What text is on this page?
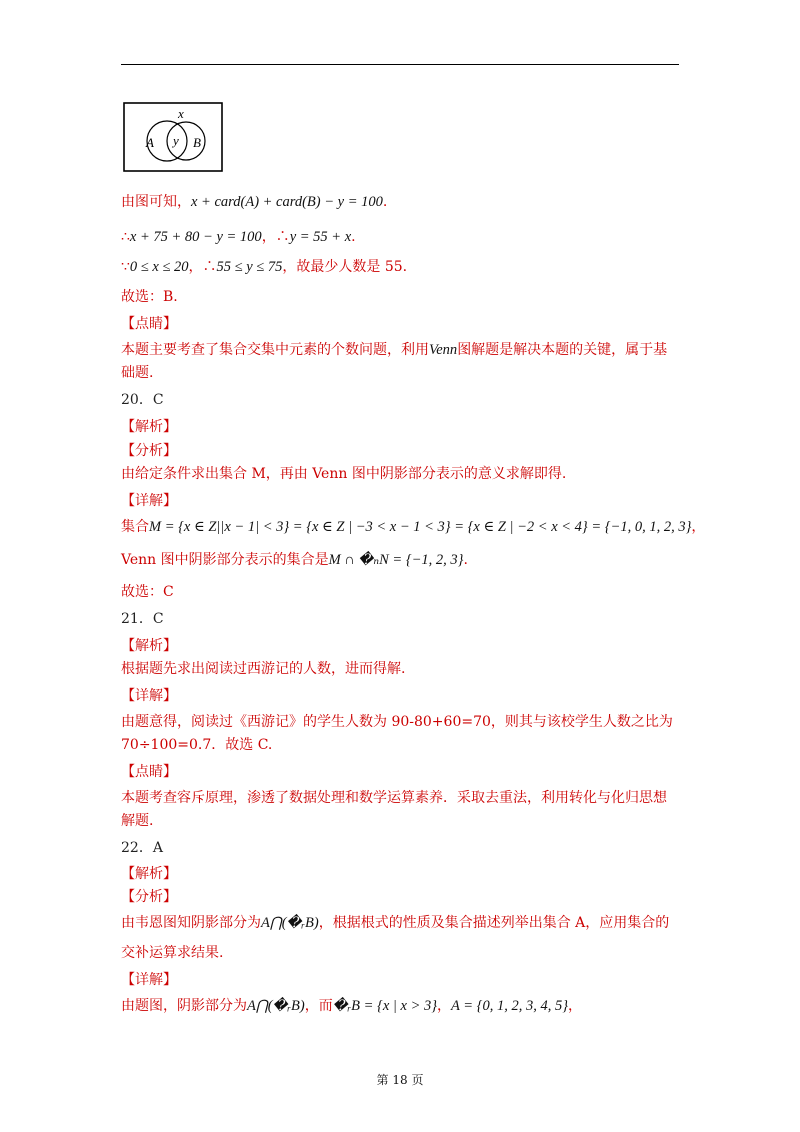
x
y
A	B
由图可知，x + card(A) + card(B) − y = 100.
∴x + 75 + 80 − y = 100，∴y = 55 + x.
∵0 ≤ x ≤ 20，∴55 ≤ y ≤ 75，故最少人数是 55.
故选：B.
【点睛】
本题主要考查了集合交集中元素的个数问题，利用Venn图解题是解决本题的关键，属于基
础题.
20．C
【解析】
【分析】
由给定条件求出集合 M，再由 Venn 图中阴影部分表示的意义求解即得.
【详解】
集合M = {x ∈ Z||x − 1| < 3} = {x ∈ Z | −3 < x − 1 < 3} = {x ∈ Z | −2 < x < 4} = {−1, 0, 1, 2, 3}，
Venn 图中阴影部分表示的集合是M ∩ �ₙN = {−1, 2, 3}.
故选：C
21．C
【解析】
根据题先求出阅读过西游记的人数，进而得解.
【详解】
由题意得，阅读过《西游记》的学生人数为 90-80+60=70，则其与该校学生人数之比为
70÷100=0.7．故选 C.
【点睛】
本题考查容斥原理，渗透了数据处理和数学运算素养．采取去重法，利用转化与化归思想
解题.
22．A
【解析】
【分析】
由韦恩图知阴影部分为A⋂(�ᵣB)，根据根式的性质及集合描述列举出集合 A，应用集合的
交补运算求结果.
【详解】
由题图，阴影部分为A⋂(�ᵣB)，而�ᵣB = {x | x > 3}，A = {0, 1, 2, 3, 4, 5}，
第 18 页
